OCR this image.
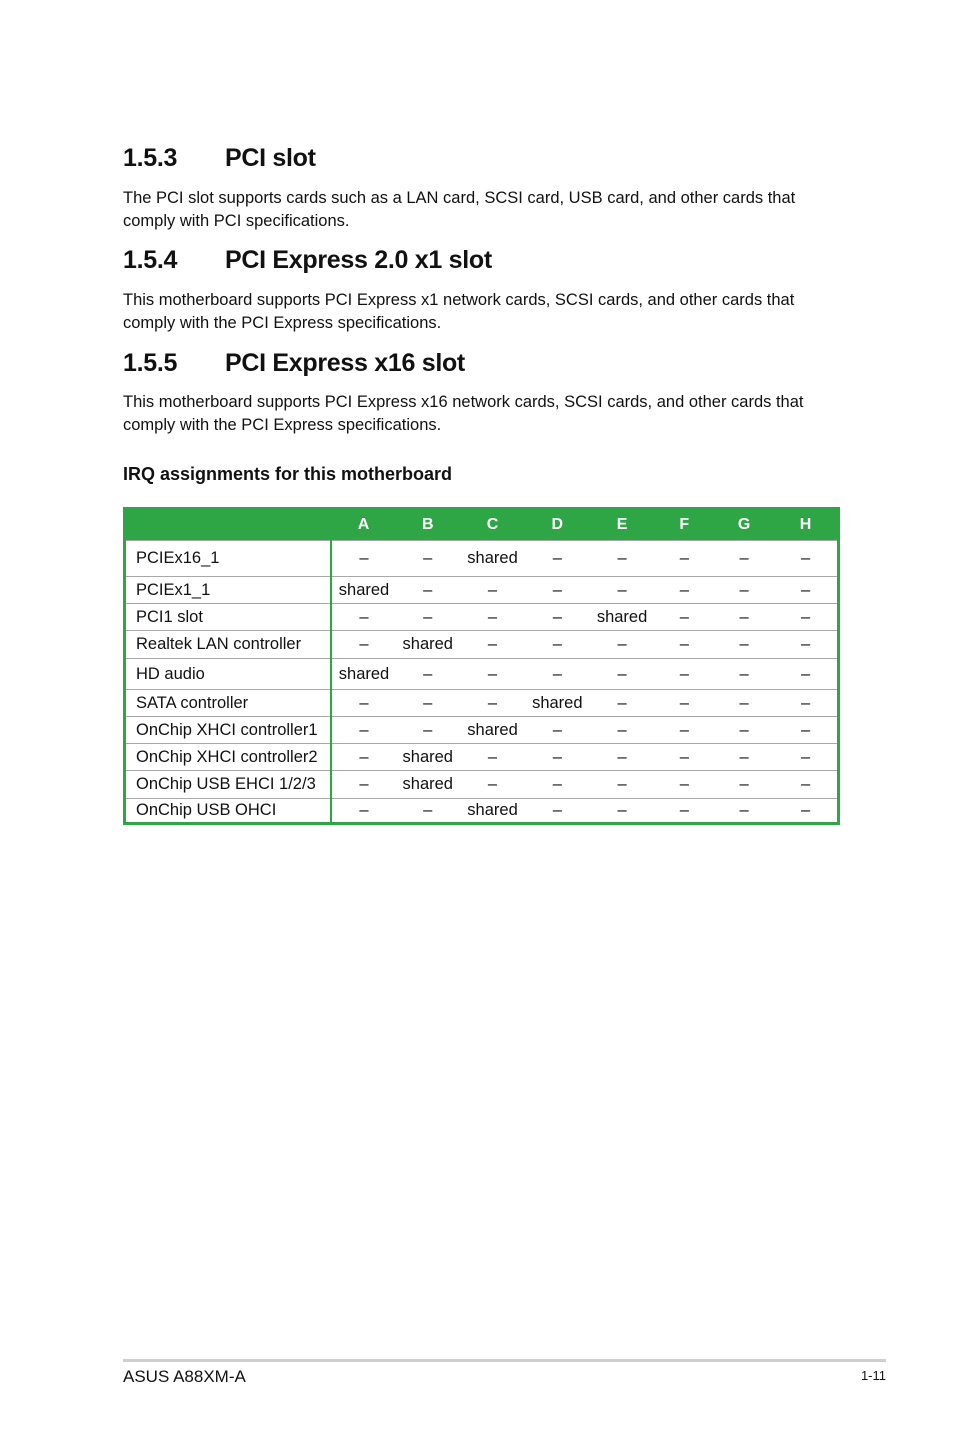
1.5.3 PCI slot

The PCI slot supports cards such as a LAN card, SCSI card, USB card, and other cards that comply with PCI specifications.

1.5.4 PCI Express 2.0 x1 slot

This motherboard supports PCI Express x1 network cards, SCSI cards, and other cards that comply with the PCI Express specifications.

1.5.5 PCI Express x16 slot

This motherboard supports PCI Express x16 network cards, SCSI cards, and other cards that comply with the PCI Express specifications.

IRQ assignments for this motherboard
	A	B	C	D	E	F	G	H
PCIEx16_1	–	–	shared	–	–	–	–	–
PCIEx1_1	shared	–	–	–	–	–	–	–
PCI1 slot	–	–	–	–	shared	–	–	–
Realtek LAN controller	–	shared	–	–	–	–	–	–
HD audio	shared	–	–	–	–	–	–	–
SATA controller	–	–	–	shared	–	–	–	–
OnChip XHCI controller1	–	–	shared	–	–	–	–	–
OnChip XHCI controller2	–	shared	–	–	–	–	–	–
OnChip USB EHCI 1/2/3	–	shared	–	–	–	–	–	–
OnChip USB OHCI	–	–	shared	–	–	–	–	–
ASUS A88XM-A	1-11
